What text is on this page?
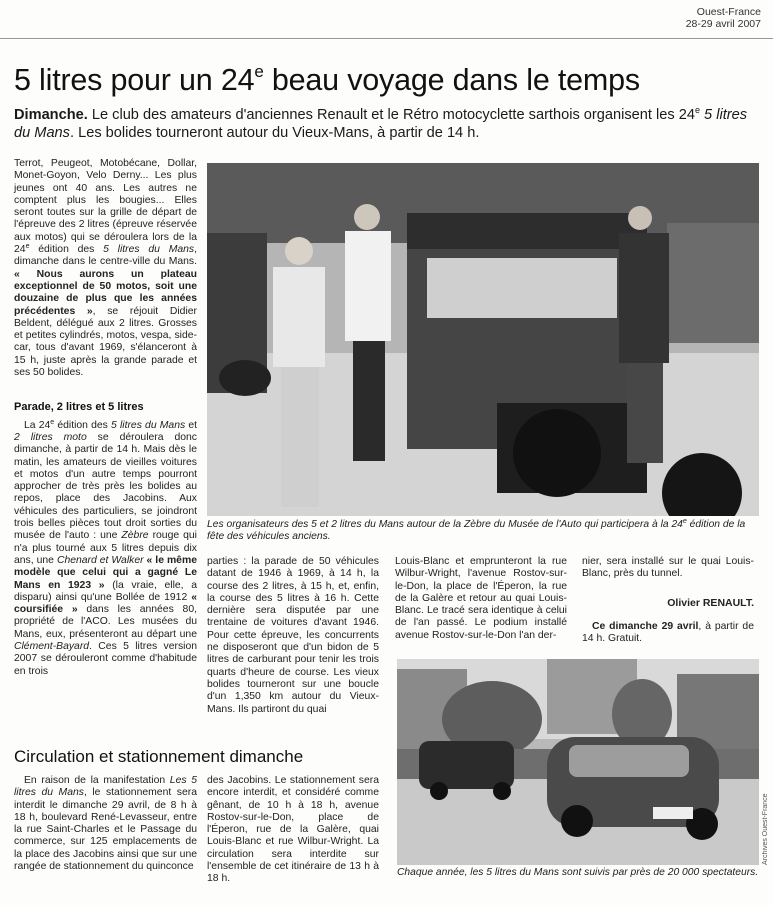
Ouest-France
28-29 avril 2007
5 litres pour un 24e beau voyage dans le temps
Dimanche. Le club des amateurs d'anciennes Renault et le Rétro motocyclette sarthois organisent les 24e 5 litres du Mans. Les bolides tourneront autour du Vieux-Mans, à partir de 14 h.

Terrot, Peugeot, Motobécane, Dollar, Monet-Goyon, Velo Derny... Les plus jeunes ont 40 ans. Les autres ne comptent plus les bougies... Elles seront toutes sur la grille de départ de l'épreuve des 2 litres (épreuve réservée aux motos) qui se déroulera lors de la 24e édition des 5 litres du Mans, dimanche dans le centre-ville du Mans. « Nous aurons un plateau exceptionnel de 50 motos, soit une douzaine de plus que les années précédentes », se réjouit Didier Beldent, délégué aux 2 litres. Grosses et petites cylindrés, motos, vespa, side-car, tous d'avant 1969, s'élanceront à 15 h, juste après la grande parade et ses 50 bolides.

Parade, 2 litres et 5 litres

La 24e édition des 5 litres du Mans et 2 litres moto se déroulera donc dimanche, à partir de 14 h. Mais dès le matin, les amateurs de vieilles voitures et motos d'un autre temps pourront approcher de très près les bolides au repos, place des Jacobins. Aux véhicules des particuliers, se joindront trois belles pièces tout droit sorties du musée de l'auto : une Zèbre rouge qui n'a plus tourné aux 5 litres depuis dix ans, une Chenard et Walker « le même modèle que celui qui a gagné Le Mans en 1923 » (la vraie, elle, a disparu) ainsi qu'une Bollée de 1912 « coursifiée » dans les années 80, propriété de l'ACO. Les musées du Mans, eux, présenteront au départ une Clément-Bayard. Ces 5 litres version 2007 se dérouleront comme d'habitude en trois

Les organisateurs des 5 et 2 litres du Mans autour de la Zèbre du Musée de l'Auto qui participera à la 24e édition de la fête des véhicules anciens.

parties : la parade de 50 véhicules datant de 1946 à 1969, à 14 h, la course des 2 litres, à 15 h, et, enfin, la course des 5 litres à 16 h. Cette dernière sera disputée par une trentaine de voitures d'avant 1946. Pour cette épreuve, les concurrents ne disposeront que d'un bidon de 5 litres de carburant pour tenir les trois quarts d'heure de course. Les vieux bolides tourneront sur une boucle d'un 1,350 km autour du Vieux-Mans. Ils partiront du quai

Louis-Blanc et emprunteront la rue Wilbur-Wright, l'avenue Rostov-sur-le-Don, la place de l'Éperon, la rue de la Galère et retour au quai Louis-Blanc. Le tracé sera identique à celui de l'an passé. Le podium installé avenue Rostov-sur-le-Don l'an der-

nier, sera installé sur le quai Louis-Blanc, près du tunnel.

Olivier RENAULT.

Ce dimanche 29 avril, à partir de 14 h. Gratuit.

Archives Ouest-France
Chaque année, les 5 litres du Mans sont suivis par près de 20 000 spectateurs.
Circulation et stationnement dimanche

En raison de la manifestation Les 5 litres du Mans, le stationnement sera interdit le dimanche 29 avril, de 8 h à 18 h, boulevard René-Levasseur, entre la rue Saint-Charles et le Passage du commerce, sur 125 emplacements de la place des Jacobins ainsi que sur une rangée de stationnement du quinconce

des Jacobins. Le stationnement sera encore interdit, et considéré comme gênant, de 10 h à 18 h, avenue Rostov-sur-le-Don, place de l'Éperon, rue de la Galère, quai Louis-Blanc et rue Wilbur-Wright. La circulation sera interdite sur l'ensemble de cet itinéraire de 13 h à 18 h.
